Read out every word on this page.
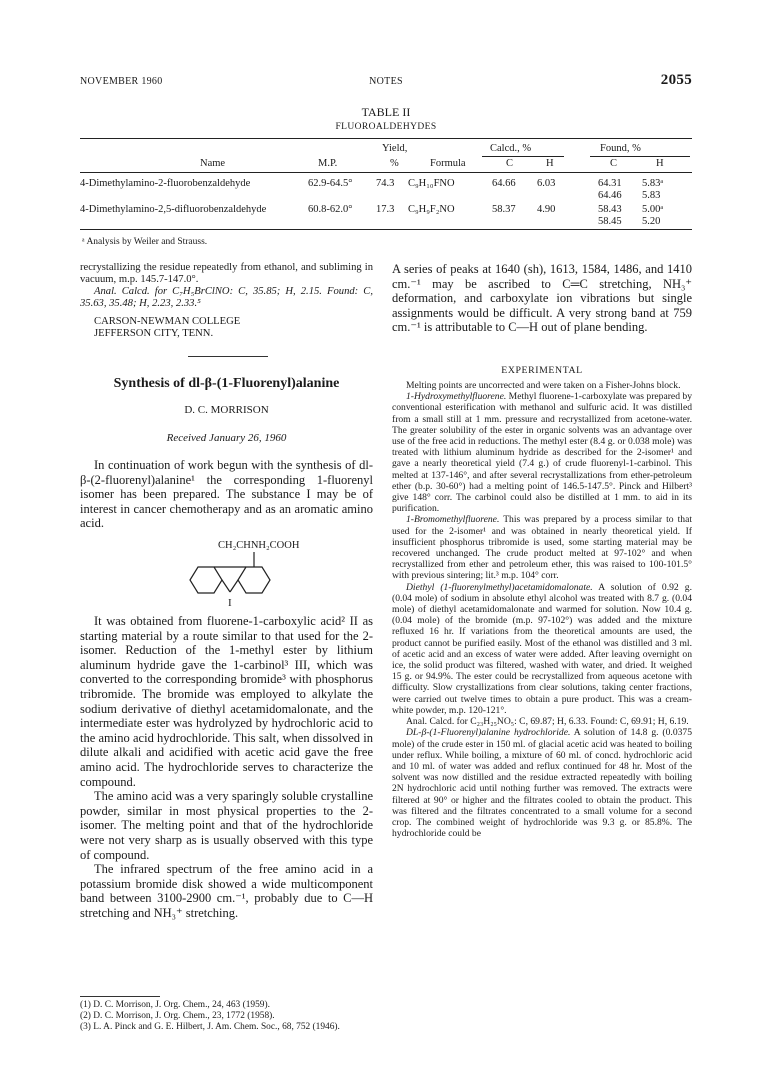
NOVEMBER 1960	NOTES	2055
TABLE II
FLUOROALDEHYDES
Yield,	Calcd., %	Found, %
Name	M.P.	%	Formula	C	H	C	H
4-Dimethylamino-2-fluorobenzaldehyde	62.9-64.5° 74.3 C₉H₁₀FNO	64.66 6.03	64.31 5.83ᵃ
64.46 5.83
4-Dimethylamino-2,5-difluorobenzaldehyde	60.8-62.0° 17.3 C₉H₉F₂NO	58.37 4.90	58.43 5.00ᵃ
58.45 5.20
ᵃ Analysis by Weiler and Strauss.

recrystallizing the residue repeatedly from ethanol, and subliming in vacuum, m.p. 145.7-147.0°.

Anal. Calcd. for C₇H₅BrClNO: C, 35.85; H, 2.15. Found: C, 35.63, 35.48; H, 2.23, 2.33.⁵

CARSON-NEWMAN COLLEGE

JEFFERSON CITY, TENN.

Synthesis of dl-β-(1-Fluorenyl)alanine
D. C. MORRISON
Received January 26, 1960

In continuation of work begun with the synthesis of dl-β-(2-fluorenyl)alanine¹ the corresponding 1-fluorenyl isomer has been prepared. The substance I may be of interest in cancer chemotherapy and as an aromatic amino acid.

CH₂CHNH₂COOH
I

It was obtained from fluorene-1-carboxylic acid² II as starting material by a route similar to that used for the 2-isomer. Reduction of the 1-methyl ester by lithium aluminum hydride gave the 1-carbinol³ III, which was converted to the corresponding bromide³ with phosphorus tribromide. The bromide was employed to alkylate the sodium derivative of diethyl acetamidomalonate, and the intermediate ester was hydrolyzed by hydrochloric acid to the amino acid hydrochloride. This salt, when dissolved in dilute alkali and acidified with acetic acid gave the free amino acid. The hydrochloride serves to characterize the compound.

The amino acid was a very sparingly soluble crystalline powder, similar in most physical properties to the 2-isomer. The melting point and that of the hydrochloride were not very sharp as is usually observed with this type of compound.

The infrared spectrum of the free amino acid in a potassium bromide disk showed a wide multicomponent band between 3100-2900 cm.⁻¹, probably due to C—H stretching and NH₃⁺ stretching.

(1) D. C. Morrison, J. Org. Chem., 24, 463 (1959).
(2) D. C. Morrison, J. Org. Chem., 23, 1772 (1958).
(3) L. A. Pinck and G. E. Hilbert, J. Am. Chem. Soc., 68, 752 (1946).

A series of peaks at 1640 (sh), 1613, 1584, 1486, and 1410 cm.⁻¹ may be ascribed to C═C stretching, NH₃⁺ deformation, and carboxylate ion vibrations but single assignments would be difficult. A very strong band at 759 cm.⁻¹ is attributable to C—H out of plane bending.

EXPERIMENTAL

Melting points are uncorrected and were taken on a Fisher-Johns block.

1-Hydroxymethylfluorene. Methyl fluorene-1-carboxylate was prepared by conventional esterification with methanol and sulfuric acid. It was distilled from a small still at 1 mm. pressure and recrystallized from acetone-water. The greater solubility of the ester in organic solvents was an advantage over use of the free acid in reductions. The methyl ester (8.4 g. or 0.038 mole) was treated with lithium aluminum hydride as described for the 2-isomer¹ and gave a nearly theoretical yield (7.4 g.) of crude fluorenyl-1-carbinol. This melted at 137-146°, and after several recrystallizations from ether-petroleum ether (b.p. 30-60°) had a melting point of 146.5-147.5°. Pinck and Hilbert³ give 148° corr. The carbinol could also be distilled at 1 mm. to aid in its purification.

1-Bromomethylfluorene. This was prepared by a process similar to that used for the 2-isomer¹ and was obtained in nearly theoretical yield. If insufficient phosphorus tribromide is used, some starting material may be recovered unchanged. The crude product melted at 97-102° and when recrystallized from ether and petroleum ether, this was raised to 100-101.5° with previous sintering; lit.³ m.p. 104° corr.

Diethyl (1-fluorenylmethyl)acetamidomalonate. A solution of 0.92 g. (0.04 mole) of sodium in absolute ethyl alcohol was treated with 8.7 g. (0.04 mole) of diethyl acetamidomalonate and warmed for solution. Now 10.4 g. (0.04 mole) of the bromide (m.p. 97-102°) was added and the mixture refluxed 16 hr. If variations from the theoretical amounts are used, the product cannot be purified easily. Most of the ethanol was distilled and 3 ml. of acetic acid and an excess of water were added. After leaving overnight on ice, the solid product was filtered, washed with water, and dried. It weighed 15 g. or 94.9%. The ester could be recrystallized from aqueous acetone with difficulty. Slow crystallizations from clear solutions, taking center fractions, were carried out twelve times to obtain a pure product. This was a cream-white powder, m.p. 120-121°.

Anal. Calcd. for C₂₃H₂₅NO₅: C, 69.87; H, 6.33. Found: C, 69.91; H, 6.19.

DL-β-(1-Fluorenyl)alanine hydrochloride. A solution of 14.8 g. (0.0375 mole) of the crude ester in 150 ml. of glacial acetic acid was heated to boiling under reflux. While boiling, a mixture of 60 ml. of concd. hydrochloric acid and 10 ml. of water was added and reflux continued for 48 hr. Most of the solvent was now distilled and the residue extracted repeatedly with boiling 2N hydrochloric acid until nothing further was removed. The extracts were filtered at 90° or higher and the filtrates cooled to obtain the product. This was filtered and the filtrates concentrated to a small volume for a second crop. The combined weight of hydrochloride was 9.3 g. or 85.8%. The hydrochloride could be
